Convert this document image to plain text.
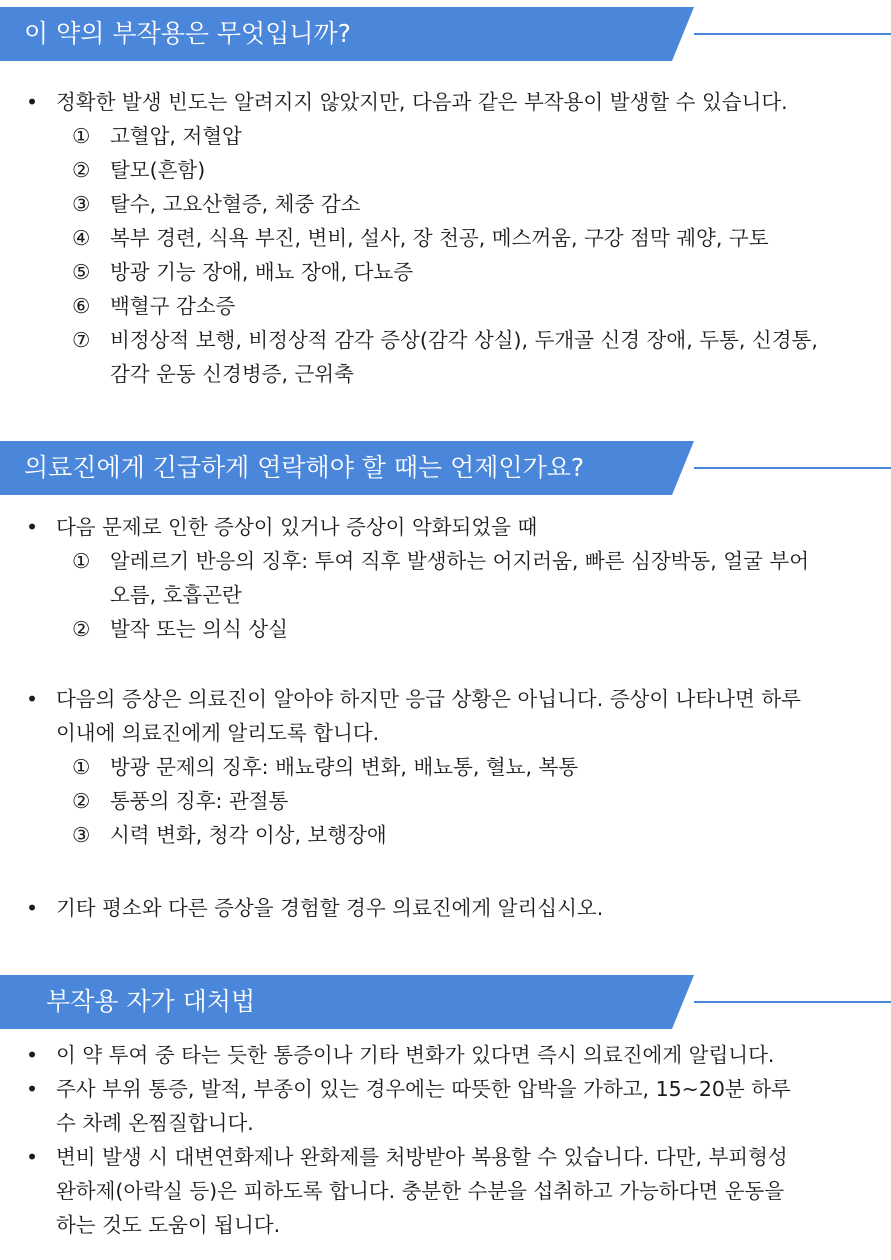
이 약의 부작용은 무엇입니까?
• 정확한 발생 빈도는 알려지지 않았지만, 다음과 같은 부작용이 발생할 수 있습니다.
① 고혈압, 저혈압
② 탈모(흔함)
③ 탈수, 고요산혈증, 체중 감소
④ 복부 경련, 식욕 부진, 변비, 설사, 장 천공, 메스꺼움, 구강 점막 궤양, 구토
⑤ 방광 기능 장애, 배뇨 장애, 다뇨증
⑥ 백혈구 감소증
⑦ 비정상적 보행, 비정상적 감각 증상(감각 상실), 두개골 신경 장애, 두통, 신경통,
감각 운동 신경병증, 근위축
의료진에게 긴급하게 연락해야 할 때는 언제인가요?
• 다음 문제로 인한 증상이 있거나 증상이 악화되었을 때
① 알레르기 반응의 징후: 투여 직후 발생하는 어지러움, 빠른 심장박동, 얼굴 부어
오름, 호흡곤란
② 발작 또는 의식 상실
• 다음의 증상은 의료진이 알아야 하지만 응급 상황은 아닙니다. 증상이 나타나면 하루
이내에 의료진에게 알리도록 합니다.
① 방광 문제의 징후: 배뇨량의 변화, 배뇨통, 혈뇨, 복통
② 통풍의 징후: 관절통
③ 시력 변화, 청각 이상, 보행장애
• 기타 평소와 다른 증상을 경험할 경우 의료진에게 알리십시오.
부작용 자가 대처법
• 이 약 투여 중 타는 듯한 통증이나 기타 변화가 있다면 즉시 의료진에게 알립니다.
• 주사 부위 통증, 발적, 부종이 있는 경우에는 따뜻한 압박을 가하고, 15~20분 하루
수 차례 온찜질합니다.
• 변비 발생 시 대변연화제나 완화제를 처방받아 복용할 수 있습니다. 다만, 부피형성
완하제(아락실 등)은 피하도록 합니다. 충분한 수분을 섭취하고 가능하다면 운동을
하는 것도 도움이 됩니다.
